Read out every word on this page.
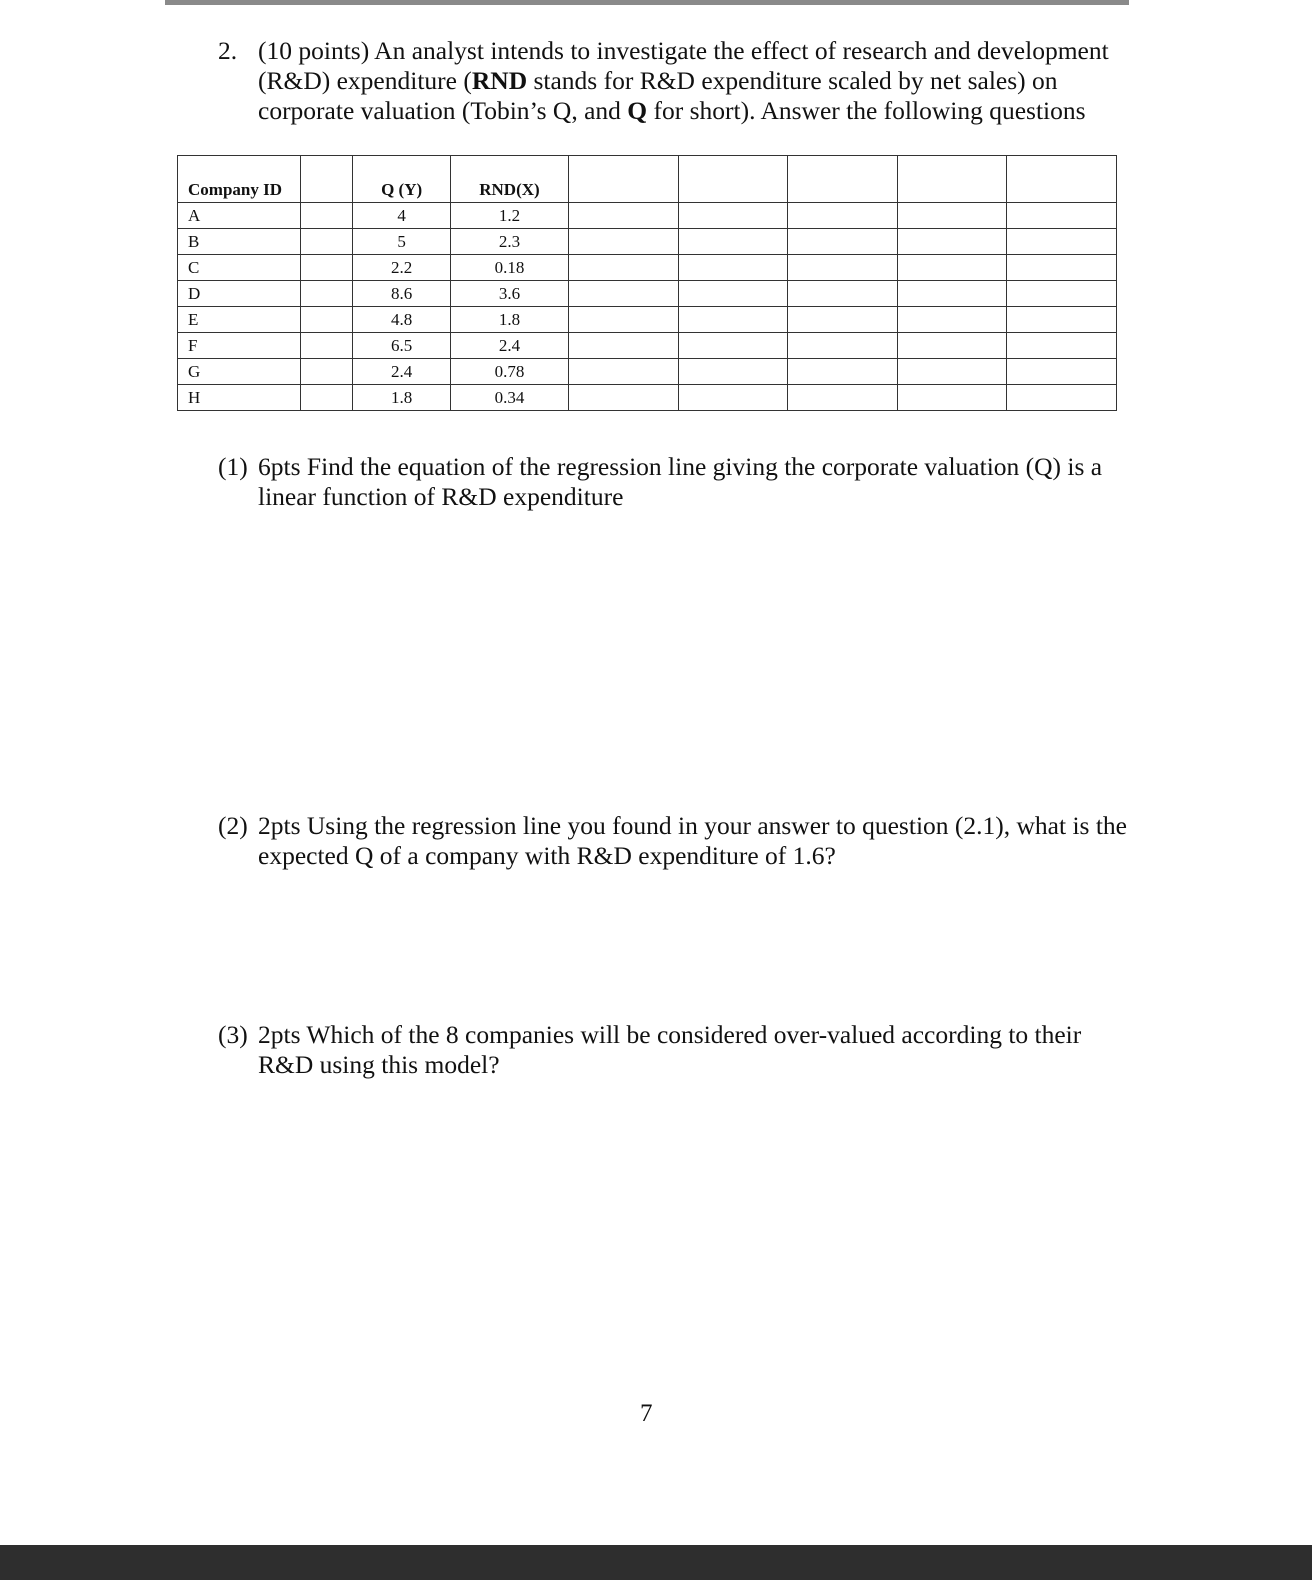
2. (10 points) An analyst intends to investigate the effect of research and development (R&D) expenditure (RND stands for R&D expenditure scaled by net sales) on corporate valuation (Tobin’s Q, and Q for short). Answer the following questions
Company ID		Q (Y)	RND(X)					
A		4	1.2					
B		5	2.3					
C		2.2	0.18					
D		8.6	3.6					
E		4.8	1.8					
F		6.5	2.4					
G		2.4	0.78					
H		1.8	0.34					
(1) 6pts Find the equation of the regression line giving the corporate valuation (Q) is a linear function of R&D expenditure
(2) 2pts Using the regression line you found in your answer to question (2.1), what is the expected Q of a company with R&D expenditure of 1.6?
(3) 2pts Which of the 8 companies will be considered over-valued according to their R&D using this model?
7
